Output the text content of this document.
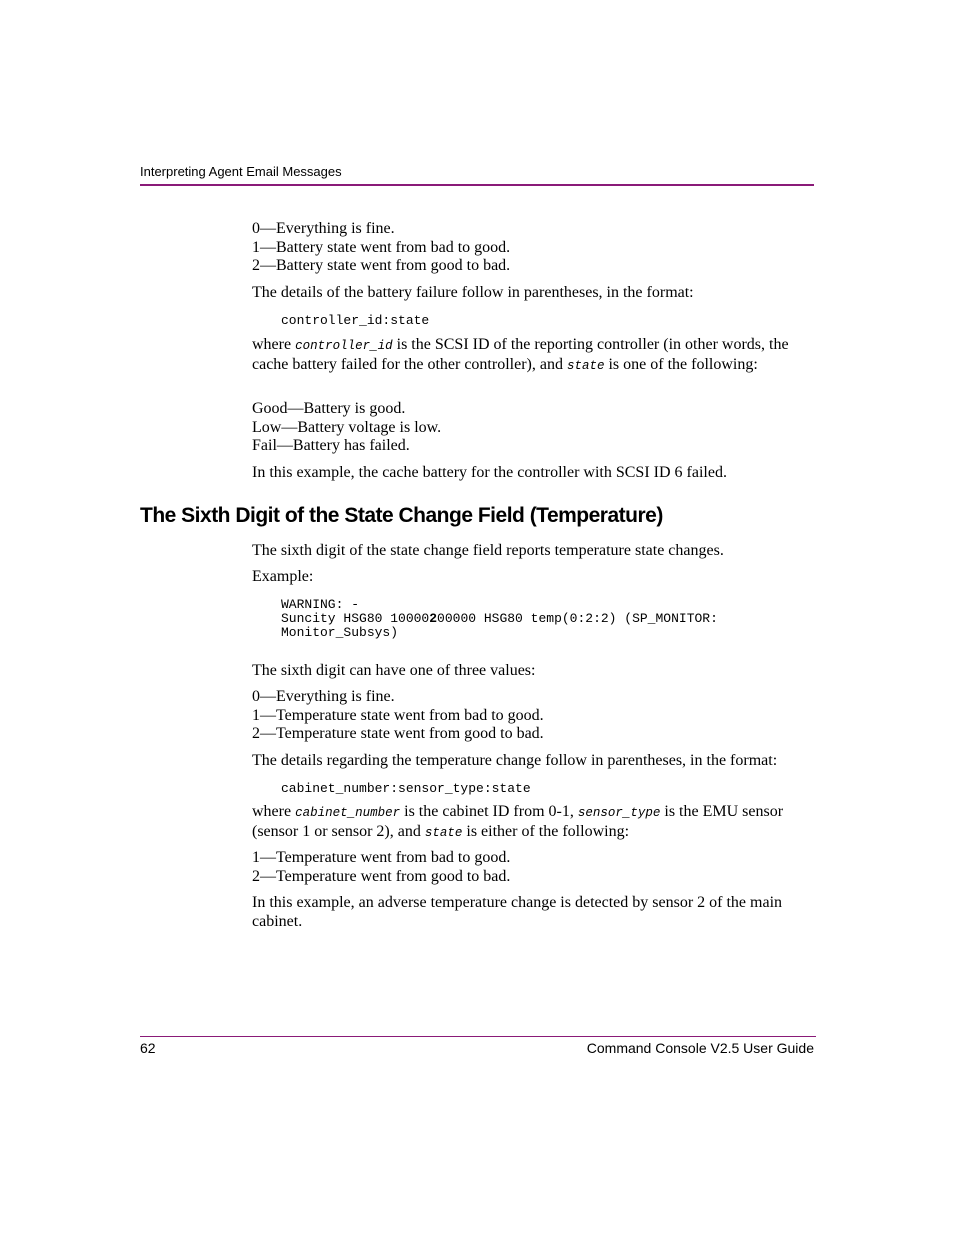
Interpreting Agent Email Messages

0—Everything is fine.

1—Battery state went from bad to good.

2—Battery state went from good to bad.

The details of the battery failure follow in parentheses, in the format:
controller_id:state

where controller_id is the SCSI ID of the reporting controller (in other words, the cache battery failed for the other controller), and state is one of the following:

Good—Battery is good.

Low—Battery voltage is low.

Fail—Battery has failed.

In this example, the cache battery for the controller with SCSI ID 6 failed.
The Sixth Digit of the State Change Field (Temperature)
The sixth digit of the state change field reports temperature state changes.
Example:
WARNING: -
Suncity HSG80 10000200000 HSG80 temp(0:2:2) (SP_MONITOR:
Monitor_Subsys)
The sixth digit can have one of three values:

0—Everything is fine.

1—Temperature state went from bad to good.

2—Temperature state went from good to bad.

The details regarding the temperature change follow in parentheses, in the format:
cabinet_number:sensor_type:state

where cabinet_number is the cabinet ID from 0-1, sensor_type is the EMU sensor (sensor 1 or sensor 2), and state is either of the following:

1—Temperature went from bad to good.

2—Temperature went from good to bad.

In this example, an adverse temperature change is detected by sensor 2 of the main cabinet.
62	Command Console V2.5 User Guide
